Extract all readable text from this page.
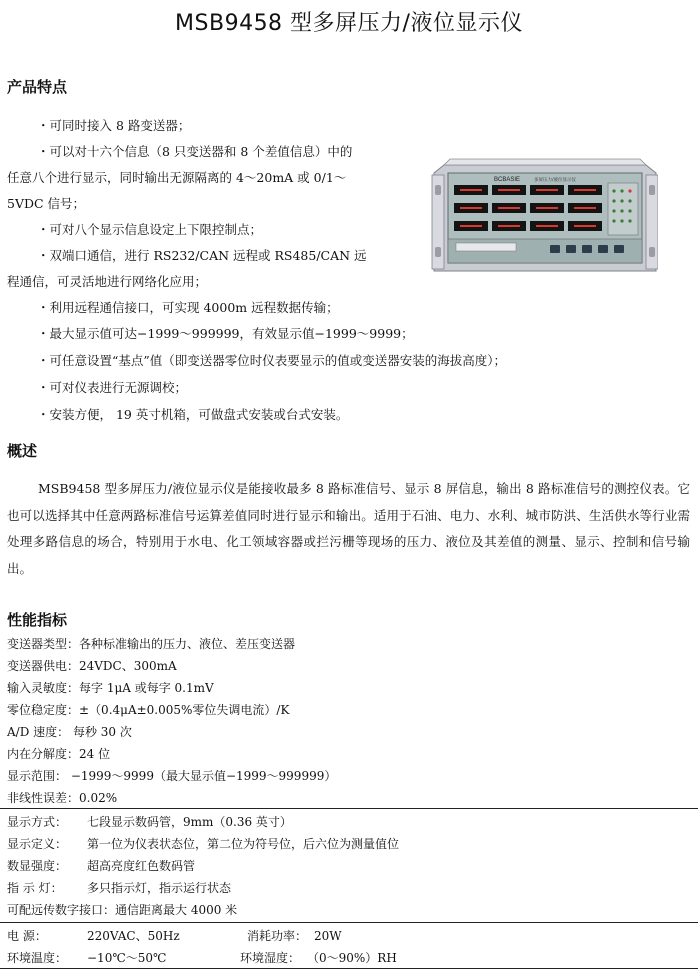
MSB9458 型多屏压力/液位显示仪
产品特点
・可同时接入 8 路变送器；
・可以对十六个信息（8 只变送器和 8 个差值信息）中的
任意八个进行显示，同时输出无源隔离的 4～20mA 或 0/1～
5VDC 信号；
・可对八个显示信息设定上下限控制点；
・双端口通信，进行 RS232/CAN 远程或 RS485/CAN 远
程通信，可灵活地进行网络化应用；
・利用远程通信接口，可实现 4000m 远程数据传输；
・最大显示值可达−1999～999999，有效显示值−1999～9999；
・可任意设置“基点”值（即变送器零位时仪表要显示的值或变送器安装的海拔高度）；
・可对仪表进行无源调校；
・安装方便， 19 英寸机箱，可做盘式安装或台式安装。
BCBASIE	多屏压力/液位显示仪
概述

MSB9458 型多屏压力/液位显示仪是能接收最多 8 路标准信号、显示 8 屏信息，输出 8 路标准信号的测控仪表。它也可以选择其中任意两路标准信号运算差值同时进行显示和输出。适用于石油、电力、水利、城市防洪、生活供水等行业需处理多路信息的场合，特别用于水电、化工领域容器或拦污栅等现场的压力、液位及其差值的测量、显示、控制和信号输出。

性能指标
变送器类型：各种标准输出的压力、液位、差压变送器
变送器供电：24VDC、300mA
输入灵敏度：每字 1μA 或每字 0.1mV
零位稳定度：±（0.4μA±0.005%零位失调电流）/K
A/D 速度： 每秒 30 次
内在分解度：24 位
显示范围： −1999～9999（最大显示值−1999～999999）
非线性误差：0.02%
显示方式： 七段显示数码管，9mm（0.36 英寸）
显示定义： 第一位为仪表状态位，第二位为符号位，后六位为测量值位
数显强度： 超高亮度红色数码管
指 示 灯： 多只指示灯，指示运行状态
可配远传数字接口：通信距离最大 4000 米
电 源：	220VAC、50Hz	消耗功率： 20W
环境温度： −10℃～50℃	环境湿度： （0～90%）RH
